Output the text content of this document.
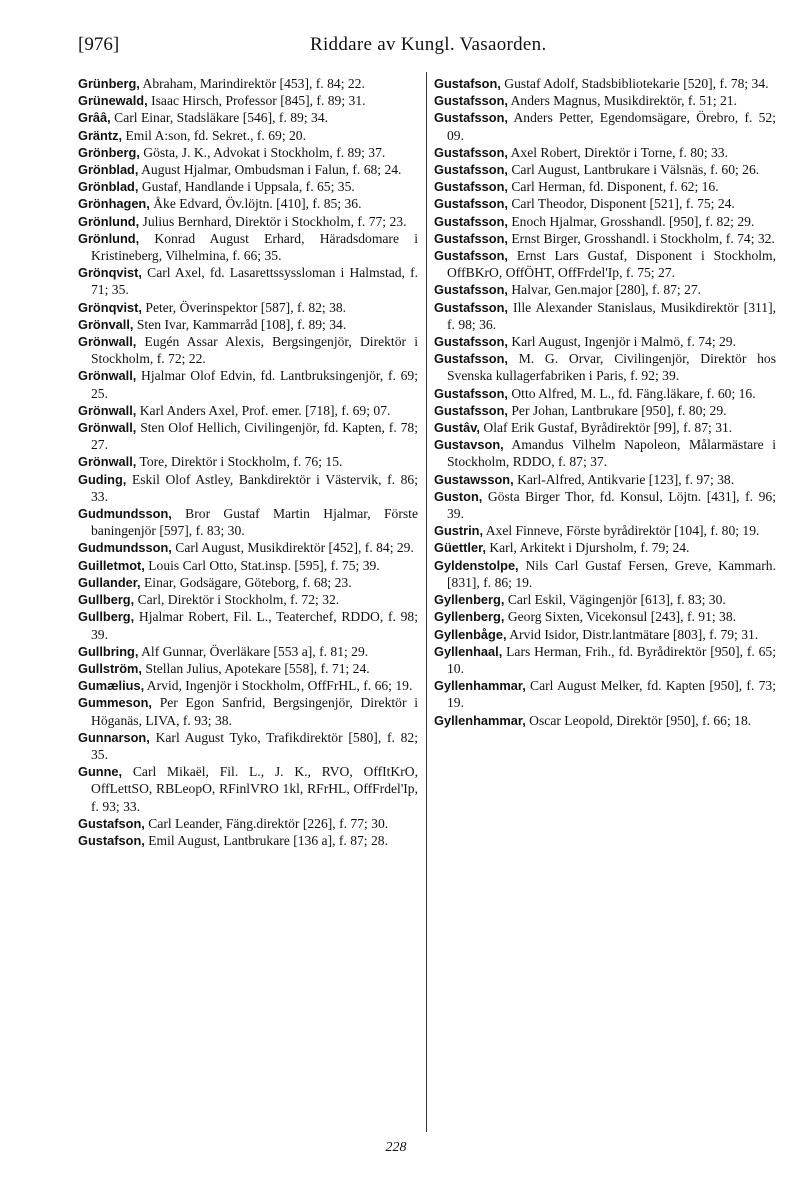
[976]	Riddare av Kungl. Vasaorden.

Grünberg, Abraham, Marindirektör [453], f. 84; 22.

Grünewald, Isaac Hirsch, Professor [845], f. 89; 31.

Grââ, Carl Einar, Stadsläkare [546], f. 89; 34.

Gräntz, Emil A:son, fd. Sekret., f. 69; 20.

Grönberg, Gösta, J. K., Advokat i Stockholm, f. 89; 37.

Grönblad, August Hjalmar, Ombudsman i Falun, f. 68; 24.

Grönblad, Gustaf, Handlande i Uppsala, f. 65; 35.

Grönhagen, Åke Edvard, Öv.löjtn. [410], f. 85; 36.

Grönlund, Julius Bernhard, Direktör i Stockholm, f. 77; 23.

Grönlund, Konrad August Erhard, Häradsdomare i Kristineberg, Vilhelmina, f. 66; 35.

Grönqvist, Carl Axel, fd. Lasarettssysslоman i Halmstad, f. 71; 35.

Grönqvist, Peter, Överinspektor [587], f. 82; 38.

Grönvall, Sten Ivar, Kammarråd [108], f. 89; 34.

Grönwall, Eugén Assar Alexis, Bergsingenjör, Direktör i Stockholm, f. 72; 22.

Grönwall, Hjalmar Olof Edvin, fd. Lantbruksingenjör, f. 69; 25.

Grönwall, Karl Anders Axel, Prof. emer. [718], f. 69; 07.

Grönwall, Sten Olof Hellich, Civilingenjör, fd. Kapten, f. 78; 27.

Grönwall, Tore, Direktör i Stockholm, f. 76; 15.

Guding, Eskil Olof Astley, Bankdirektör i Västervik, f. 86; 33.

Gudmundsson, Bror Gustaf Martin Hjalmar, Förste baningenjör [597], f. 83; 30.

Gudmundsson, Carl August, Musikdirektör [452], f. 84; 29.

Guilletmot, Louis Carl Otto, Stat.insp. [595], f. 75; 39.

Gullander, Einar, Godsägare, Göteborg, f. 68; 23.

Gullberg, Carl, Direktör i Stockholm, f. 72; 32.

Gullberg, Hjalmar Robert, Fil. L., Teaterchef, RDDO, f. 98; 39.

Gullbring, Alf Gunnar, Överläkare [553 a], f. 81; 29.

Gullström, Stellan Julius, Apotekare [558], f. 71; 24.

Gumælius, Arvid, Ingenjör i Stockholm, OffFrHL, f. 66; 19.

Gummeson, Per Egon Sanfrid, Bergsingenjör, Direktör i Höganäs, LIVA, f. 93; 38.

Gunnarson, Karl August Tyko, Trafikdirektör [580], f. 82; 35.

Gunne, Carl Mikaël, Fil. L., J. K., RVO, OffItKrO, OffLettSO, RBLeopO, RFinlVRO 1kl, RFrHL, OffFrdel'Ip, f. 93; 33.

Gustafson, Carl Leander, Fäng.direktör [226], f. 77; 30.

Gustafson, Emil August, Lantbrukare [136 a], f. 87; 28.

Gustafson, Gustaf Adolf, Stadsbibliotekarie [520], f. 78; 34.

Gustafsson, Anders Magnus, Musikdirektör, f. 51; 21.

Gustafsson, Anders Petter, Egendomsägare, Örebro, f. 52; 09.

Gustafsson, Axel Robert, Direktör i Torne, f. 80; 33.

Gustafsson, Carl August, Lantbrukare i Välsnäs, f. 60; 26.

Gustafsson, Carl Herman, fd. Disponent, f. 62; 16.

Gustafsson, Carl Theodor, Disponent [521], f. 75; 24.

Gustafsson, Enoch Hjalmar, Grosshandl. [950], f. 82; 29.

Gustafsson, Ernst Birger, Grosshandl. i Stockholm, f. 74; 32.

Gustafsson, Ernst Lars Gustaf, Disponent i Stockholm, OffBKrO, OffÖHT, OffFrdel'Ip, f. 75; 27.

Gustafsson, Halvar, Gen.major [280], f. 87; 27.

Gustafsson, Ille Alexander Stanislaus, Musikdirektör [311], f. 98; 36.

Gustafsson, Karl August, Ingenjör i Malmö, f. 74; 29.

Gustafsson, M. G. Orvar, Civilingenjör, Direktör hos Svenska kullagerfabriken i Paris, f. 92; 39.

Gustafsson, Otto Alfred, M. L., fd. Fäng.läkare, f. 60; 16.

Gustafsson, Per Johan, Lantbrukare [950], f. 80; 29.

Gustâv, Olaf Erik Gustaf, Byrådirektör [99], f. 87; 31.

Gustavson, Amandus Vilhelm Napoleon, Målarmästare i Stockholm, RDDO, f. 87; 37.

Gustawsson, Karl-Alfred, Antikvarie [123], f. 97; 38.

Guston, Gösta Birger Thor, fd. Konsul, Löjtn. [431], f. 96; 39.

Gustrin, Axel Finneve, Förste byrådirektör [104], f. 80; 19.

Güettler, Karl, Arkitekt i Djursholm, f. 79; 24.

Gyldenstolpe, Nils Carl Gustaf Fersen, Greve, Kammarh. [831], f. 86; 19.

Gyllenberg, Carl Eskil, Vägingenjör [613], f. 83; 30.

Gyllenberg, Georg Sixten, Vicekonsul [243], f. 91; 38.

Gyllenbåge, Arvid Isidor, Distr.lantmätare [803], f. 79; 31.

Gyllenhaal, Lars Herman, Frih., fd. Byrådirektör [950], f. 65; 10.

Gyllenhammar, Carl August Melker, fd. Kapten [950], f. 73; 19.

Gyllenhammar, Oscar Leopold, Direktör [950], f. 66; 18.

228
